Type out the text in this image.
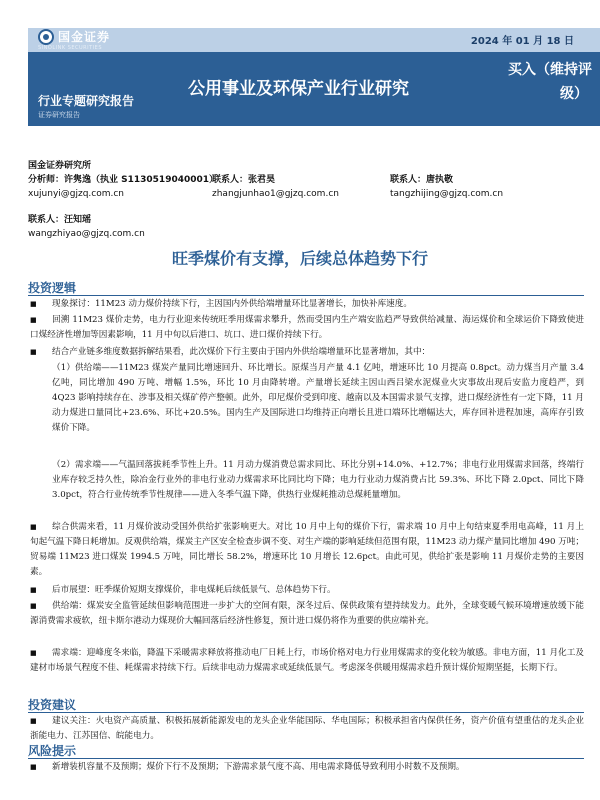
国金证券
SINOLINK SECURITIES
2024 年 01 月 18 日
公用事业及环保产业行业研究
买入（维持评
级）
行业专题研究报告
证券研究报告
国金证券研究所
分析师：许隽逸（执业 S1130519040001）
联系人：张君昊	联系人：唐执敬
xujunyi@gjzq.com.cn	zhangjunhao1@gjzq.com.cn	tangzhijing@gjzq.com.cn
联系人：汪知瑶
wangzhiyao@gjzq.com.cn
旺季煤价有支撑，后续总体趋势下行
投资逻辑
■ 现象探讨：11M23 动力煤价持续下行，主因国内外供给端增量环比显著增长，加快补库速度。
■ 回溯 11M23 煤价走势，电力行业迎来传统旺季用煤需求攀升，然而受国内生产端安监趋严导致供给减量、海运煤价和全球运价下降致使进口煤经济性增加等因素影响，11 月中旬以后港口、坑口、进口煤价持续下行。
■ 结合产业链多维度数据拆解结果看，此次煤价下行主要由于国内外供给端增量环比显著增加，其中：
（1）供给端——11M23 煤炭产量同比增速回升、环比增长。原煤当月产量 4.1 亿吨，增速环比 10 月提高 0.8pct。动力煤当月产量 3.4 亿吨，同比增加 490 万吨、增幅 1.5%，环比 10 月由降转增。产量增长延续主因山西吕梁水泥煤业火灾事故出现后安监力度趋严，到 4Q23 影响持续存在、涉事及相关煤矿停产整顿。此外，印尼煤价受到印度、越南以及本国需求景气支撑，进口煤经济性有一定下降，11 月动力煤进口量同比+23.6%、环比+20.5%。国内生产及国际进口均维持正向增长且进口端环比增幅达大，库存回补进程加速，高库存引致煤价下降。
（2）需求端——气温回落拔耗季节性上升。11 月动力煤消费总需求同比、环比分别+14.0%、+12.7%；非电行业用煤需求回落，终端行业库存较乏持久性，除冶金行业外的非电行业动力煤需求环比同比均下降；电力行业动力煤消费占比 59.3%、环比下降 2.0pct、同比下降 3.0pct，符合行业传统季节性规律——进入冬季气温下降，供热行业煤耗推动总煤耗量增加。
■ 综合供需来看，11 月煤价波动受国外供给扩张影响更大。对比 10 月中上旬的煤价下行，需求端 10 月中上旬结束夏季用电高峰，11 月上旬起气温下降日耗增加。反观供给端，煤炭主产区安全检查步调不变、对生产端的影响延续但范围有限，11M23 动力煤产量同比增加 490 万吨；贸易端 11M23 进口煤炭 1994.5 万吨，同比增长 58.2%，增速环比 10 月增长 12.6pct。由此可见，供给扩张是影响 11 月煤价走势的主要因素。
■ 后市展望：旺季煤价短期支撑煤价，非电煤耗后续低景气、总体趋势下行。
■ 供给端：煤炭安全监管延续但影响范围进一步扩大的空间有限，深冬过后、保供政策有望持续发力。此外，全球变暖气候环境增速放缓下能源消费需求疲软，纽卡斯尔港动力煤现价大幅回落后经济性修复，预计进口煤仍将作为重要的供应端补充。
■ 需求端：迎峰度冬来临，降温下采暖需求释放将推动电厂日耗上行，市场价格对电力行业用煤需求的变化较为敏感。非电方面，11 月化工及建材市场景气程度不佳、耗煤需求持续下行。后续非电动力煤需求或延续低景气。考虑深冬供暖用煤需求趋升预计煤价短期坚挺，长期下行。
投资建议
■ 建议关注：火电资产高质量、积极拓展新能源发电的龙头企业华能国际、华电国际；积极承担省内保供任务，资产价值有望重估的龙头企业浙能电力、江苏国信、皖能电力。
风险提示
■ 新增装机容量不及预期；煤价下行不及预期；下游需求景气度不高、用电需求降低导致利用小时数不及预期。
